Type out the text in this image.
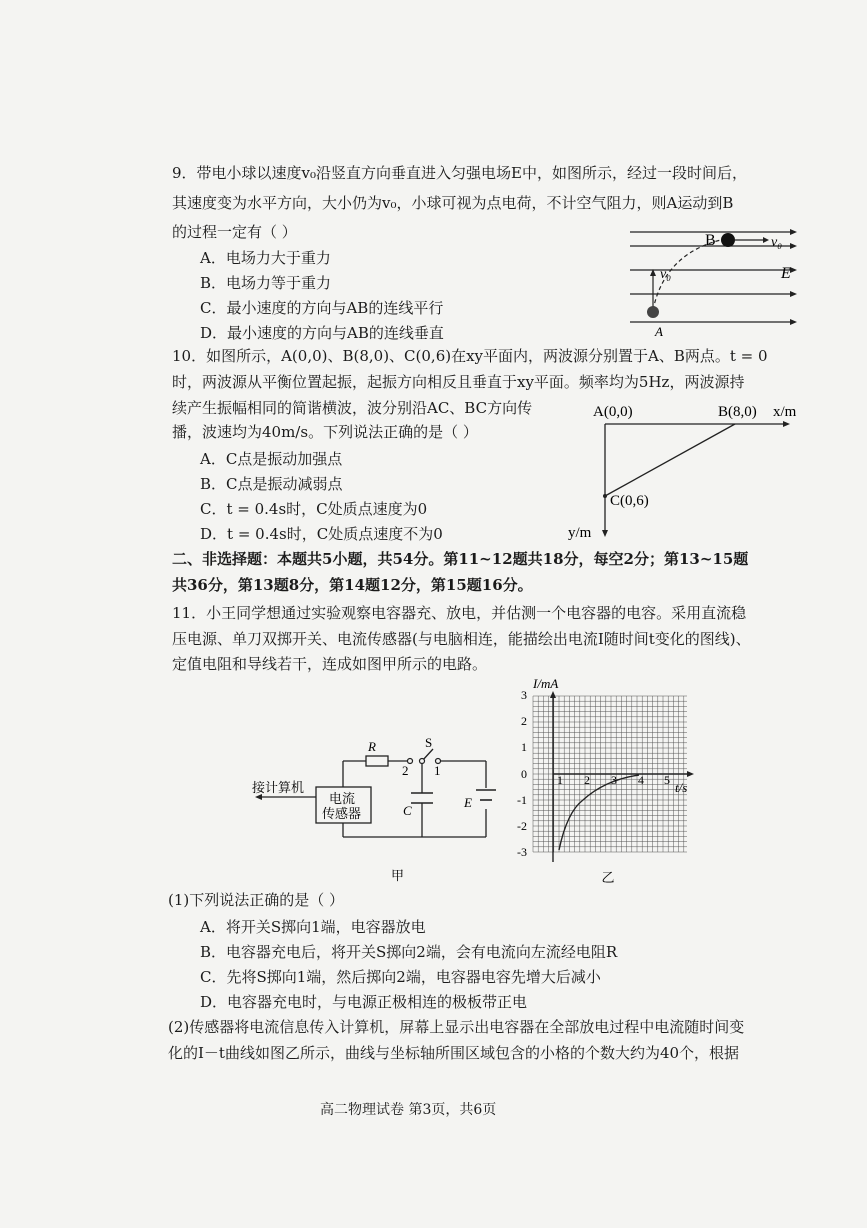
9．带电小球以速度v₀沿竖直方向垂直进入匀强电场E中，如图所示，经过一段时间后，
其速度变为水平方向，大小仍为v₀，小球可视为点电荷，不计空气阻力，则A运动到B
的过程一定有（ ）
A．电场力大于重力
B．电场力等于重力
C．最小速度的方向与AB的连线平行
D．最小速度的方向与AB的连线垂直
B	v₀
v₀	E
A
10．如图所示，A(0,0)、B(8,0)、C(0,6)在xy平面内，两波源分别置于A、B两点。t = 0
时，两波源从平衡位置起振，起振方向相反且垂直于xy平面。频率均为5Hz，两波源持
续产生振幅相同的简谐横波，波分别沿AC、BC方向传
播，波速均为40m/s。下列说法正确的是（ ）
A．C点是振动加强点
B．C点是振动减弱点
C．t = 0.4s时，C处质点速度为0
D．t = 0.4s时，C处质点速度不为0
A(0,0)	B(8,0) x/m
C(0,6)
y/m
二、非选择题：本题共5小题，共54分。第11~12题共18分，每空2分；第13~15题
共36分，第13题8分，第14题12分，第15题16分。
11．小王同学想通过实验观察电容器充、放电，并估测一个电容器的电容。采用直流稳
压电源、单刀双掷开关、电流传感器(与电脑相连，能描绘出电流I随时间t变化的图线)、
定值电阻和导线若干，连成如图甲所示的电路。
R	S
2 1
C
E
接计算机
电流
传感器
甲
I/mA
t/s
3
2
1
0
-1
-2
-3
1 2 3 4 5
乙
(1)下列说法正确的是（ ）
A．将开关S掷向1端，电容器放电
B．电容器充电后，将开关S掷向2端，会有电流向左流经电阻R
C．先将S掷向1端，然后掷向2端，电容器电容先增大后减小
D．电容器充电时，与电源正极相连的极板带正电
(2)传感器将电流信息传入计算机，屏幕上显示出电容器在全部放电过程中电流随时间变
化的I－t曲线如图乙所示，曲线与坐标轴所围区域包含的小格的个数大约为40个，根据
高二物理试卷 第3页，共6页
